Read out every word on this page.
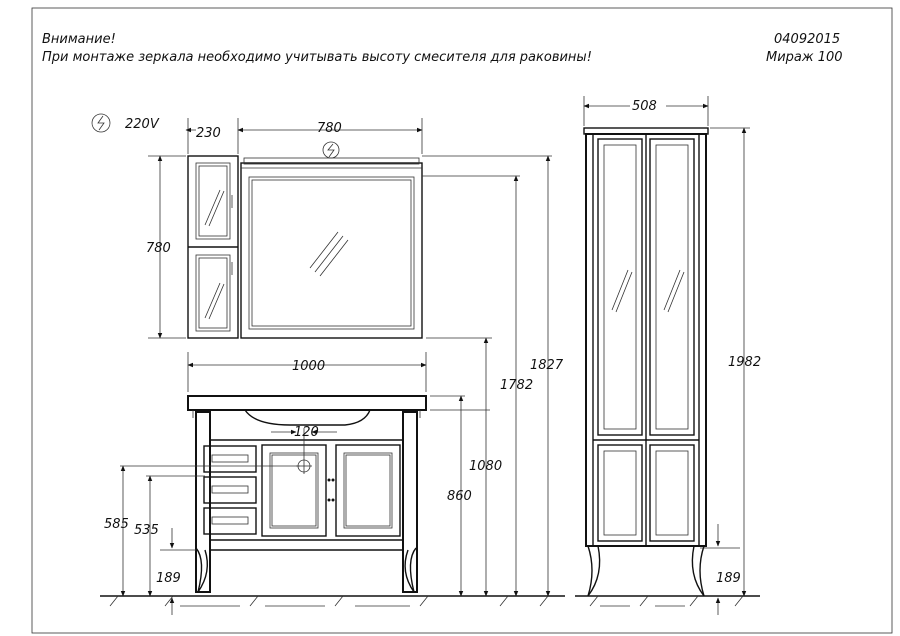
Внимание!
При монтаже зеркала необходимо учитывать высоту смесителя для раковины!
04092015
Мираж 100
220V
230	780
780
1000
120
1080
860
1782
1827
585 535
189
508
1982
189
